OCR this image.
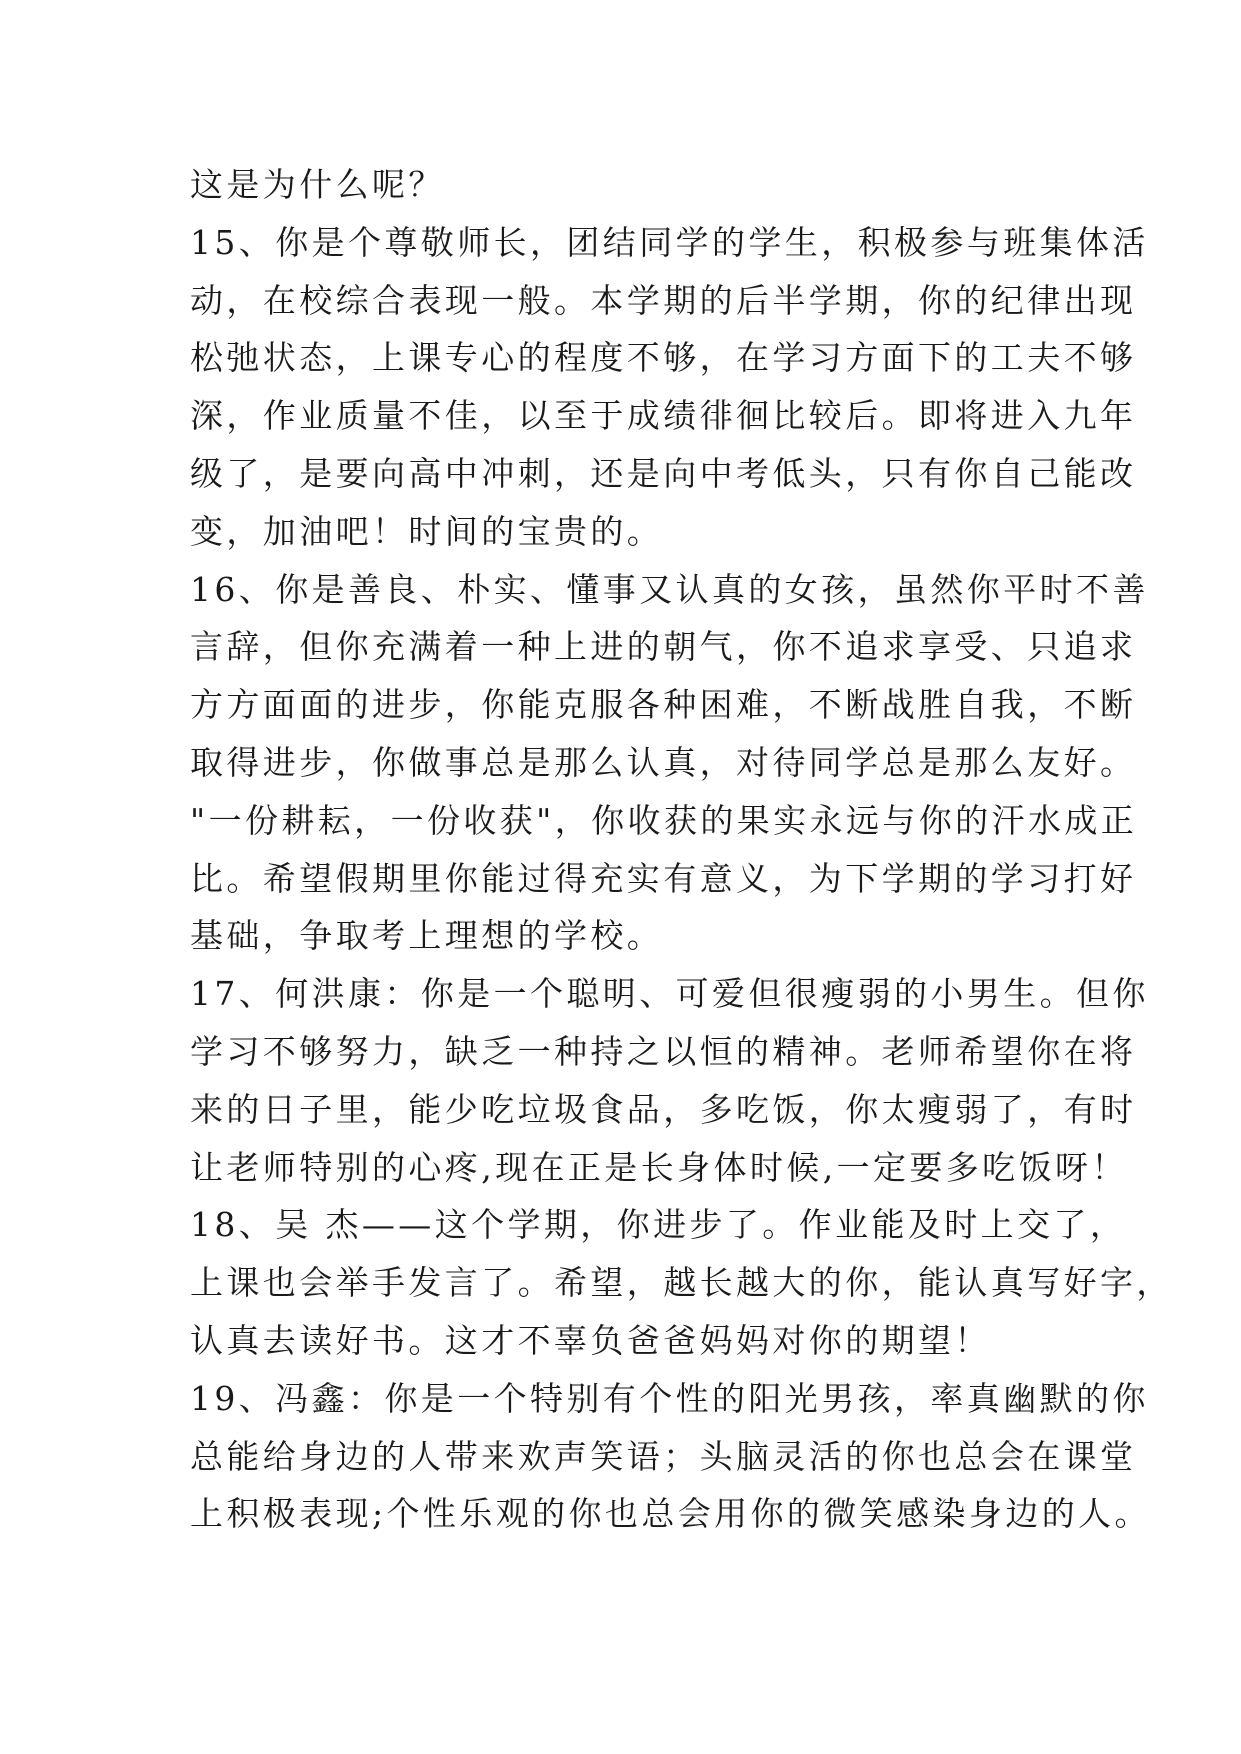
这是为什么呢？
15、你是个尊敬师长，团结同学的学生，积极参与班集体活
动，在校综合表现一般。本学期的后半学期，你的纪律出现
松弛状态，上课专心的程度不够，在学习方面下的工夫不够
深，作业质量不佳，以至于成绩徘徊比较后。即将进入九年
级了，是要向高中冲刺，还是向中考低头，只有你自己能改
变，加油吧！时间的宝贵的。
16、你是善良、朴实、懂事又认真的女孩，虽然你平时不善
言辞，但你充满着一种上进的朝气，你不追求享受、只追求
方方面面的进步，你能克服各种困难，不断战胜自我，不断
取得进步，你做事总是那么认真，对待同学总是那么友好。
"一份耕耘，一份收获"，你收获的果实永远与你的汗水成正
比。希望假期里你能过得充实有意义，为下学期的学习打好
基础，争取考上理想的学校。
17、何洪康：你是一个聪明、可爱但很瘦弱的小男生。但你
学习不够努力，缺乏一种持之以恒的精神。老师希望你在将
来的日子里，能少吃垃圾食品，多吃饭，你太瘦弱了，有时
让老师特别的心疼,现在正是长身体时候,一定要多吃饭呀！
18、吴 杰——这个学期，你进步了。作业能及时上交了，
上课也会举手发言了。希望，越长越大的你，能认真写好字，
认真去读好书。这才不辜负爸爸妈妈对你的期望！
19、冯鑫：你是一个特别有个性的阳光男孩，率真幽默的你
总能给身边的人带来欢声笑语；头脑灵活的你也总会在课堂
上积极表现;个性乐观的你也总会用你的微笑感染身边的人。
